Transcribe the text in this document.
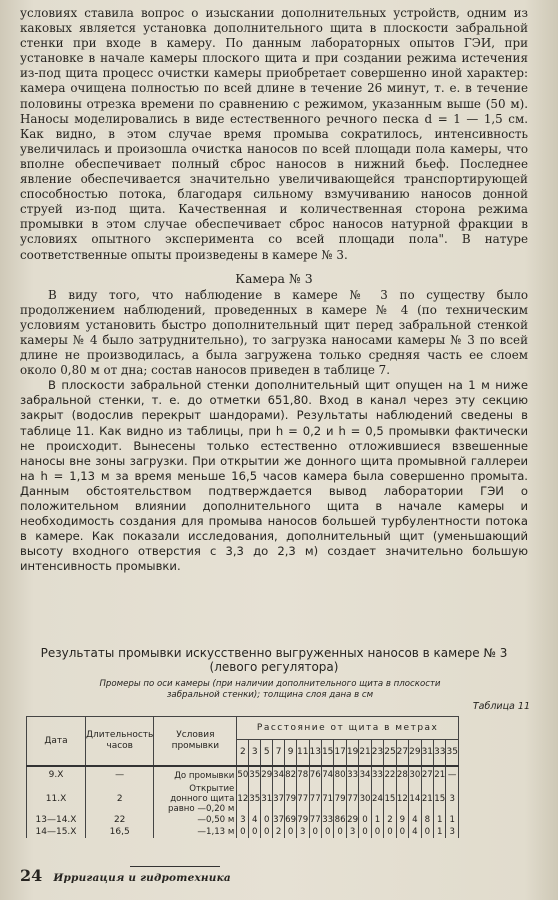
условиях ставила вопрос о изыскании дополнительных устройств, одним из каковых является установка дополнительного щита в плоскости забральной стенки при входе в камеру. По данным лабораторных опытов ГЭИ, при установке в начале камеры плоского щита и при создании режима истечения из-под щита процесс очистки камеры приобретает совершенно иной характер: камера очищена полностью по всей длине в течение 26 минут, т. е. в течение половины отрезка времени по сравнению с режимом, указанным выше (50 м). Наносы моделировались в виде естественного речного песка d = 1 — 1,5 см. Как видно, в этом случае время промыва сократилось, интенсивность увеличилась и произошла очистка наносов по всей площади пола камеры, что вполне обеспечивает полный сброс наносов в нижний бьеф. Последнее явление обеспечивается значительно увеличивающейся транспортирующей способностью потока, благодаря сильному взмучиванию наносов донной струей из-под щита. Качественная и количественная сторона режима промывки в этом случае обеспечивает сброс наносов натурной фракции в условиях опытного эксперимента со всей площади пола". В натуре соответственные опыты произведены в камере № 3.

Камера № 3

В виду того, что наблюдение в камере № 3 по существу было продолжением наблюдений, проведенных в камере № 4 (по техническим условиям установить быстро дополнительный щит перед забральной стенкой камеры № 4 было затруднительно), то загрузка наносами камеры № 3 по всей длине не производилась, а была загружена только средняя часть ее слоем около 0,80 м от дна; состав наносов приведен в таблице 7.

В плоскости забральной стенки дополнительный щит опущен на 1 м ниже забральной стенки, т. е. до отметки 651,80. Вход в канал через эту секцию закрыт (водослив перекрыт шандорами). Результаты наблюдений сведены в таблице 11. Как видно из таблицы, при h = 0,2 и h = 0,5 промывки фактически не происходит. Вынесены только естественно отложившиеся взвешенные наносы вне зоны загрузки. При открытии же донного щита промывной галлереи на h = 1,13 м за время меньше 16,5 часов камера была совершенно промыта. Данным обстоятельством подтверждается вывод лаборатории ГЭИ о положительном влиянии дополнительного щита в начале камеры и необходимость создания для промыва наносов большей турбулентности потока в камере. Как показали исследования, дополнительный щит (уменьшающий высоту входного отверстия с 3,3 до 2,3 м) создает значительно большую интенсивность промывки.

Результаты промывки искусственно выгруженных наносов в камере № 3
(левого регулятора)
Промеры по оси камеры (при наличии дополнительного щита в плоскости
забральной стенки); толщина слоя дана в см
Таблица 11
Дата	Длительность часов	Условия промывки	Расстояние от щита в метрах																	
			2	3	5	7	9	11	13	15	17	19	21	23	25	27	29	31	33	35
9.X	—	До промывки	50	35	29	34	82	78	76	74	80	33	34	33	22	28	30	27	21	—
11.X	2	Открытие донного щита равно —0,20 м	12	35	31	37	79	77	77	71	79	77	30	24	15	12	14	21	15	3
13—14.X	22	—0,50 м	3	4	0	37	69	79	77	33	86	29	0	1	2	9	4	8	1	1
14—15.X	16,5	—1,13 м	0	0	0	2	0	3	0	0	0	3	0	0	0	0	4	0	1	3
24 Ирригация и гидротехника
